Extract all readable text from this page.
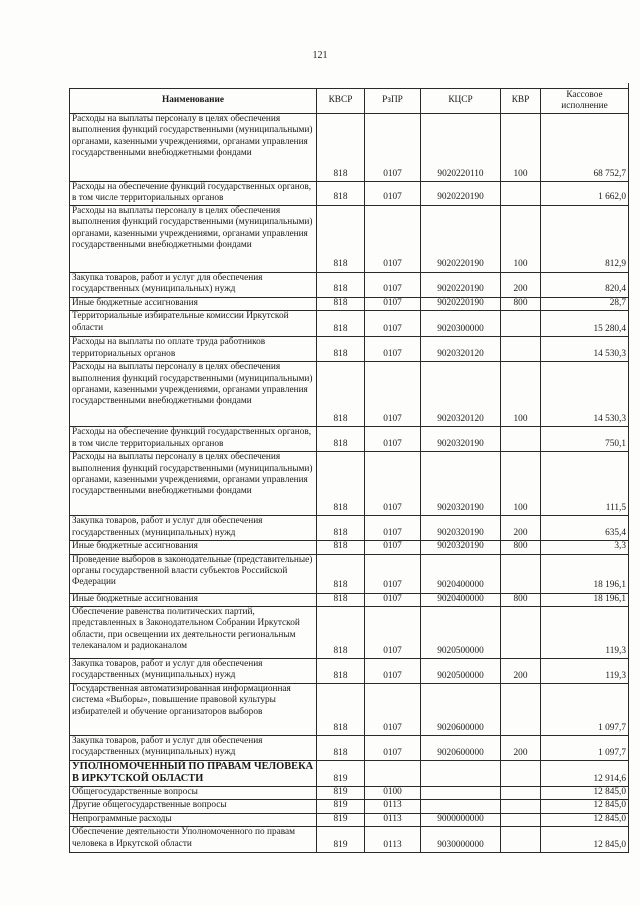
121
Наименование	КВСР	РзПР	КЦСР	КВР	Кассовое исполнение
Расходы на выплаты персоналу в целях обеспечения выполнения функций государственными (муниципальными) органами, казенными учреждениями, органами управления государственными внебюджетными фондами	818	0107	9020220110	100	68 752,7
Расходы на обеспечение функций государственных органов, в том числе территориальных органов	818	0107	9020220190		1 662,0
Расходы на выплаты персоналу в целях обеспечения выполнения функций государственными (муниципальными) органами, казенными учреждениями, органами управления государственными внебюджетными фондами	818	0107	9020220190	100	812,9
Закупка товаров, работ и услуг для обеспечения государственных (муниципальных) нужд	818	0107	9020220190	200	820,4
Иные бюджетные ассигнования	818	0107	9020220190	800	28,7
Территориальные избирательные комиссии Иркутской области	818	0107	9020300000		15 280,4
Расходы на выплаты по оплате труда работников территориальных органов	818	0107	9020320120		14 530,3
Расходы на выплаты персоналу в целях обеспечения выполнения функций государственными (муниципальными) органами, казенными учреждениями, органами управления государственными внебюджетными фондами	818	0107	9020320120	100	14 530,3
Расходы на обеспечение функций государственных органов, в том числе территориальных органов	818	0107	9020320190		750,1
Расходы на выплаты персоналу в целях обеспечения выполнения функций государственными (муниципальными) органами, казенными учреждениями, органами управления государственными внебюджетными фондами	818	0107	9020320190	100	111,5
Закупка товаров, работ и услуг для обеспечения государственных (муниципальных) нужд	818	0107	9020320190	200	635,4
Иные бюджетные ассигнования	818	0107	9020320190	800	3,3
Проведение выборов в законодательные (представительные) органы государственной власти субъектов Российской Федерации	818	0107	9020400000		18 196,1
Иные бюджетные ассигнования	818	0107	9020400000	800	18 196,1
Обеспечение равенства политических партий, представленных в Законодательном Собрании Иркутской области, при освещении их деятельности региональным телеканалом и радиоканалом	818	0107	9020500000		119,3
Закупка товаров, работ и услуг для обеспечения государственных (муниципальных) нужд	818	0107	9020500000	200	119,3
Государственная автоматизированная информационная система «Выборы», повышение правовой культуры избирателей и обучение организаторов выборов	818	0107	9020600000		1 097,7
Закупка товаров, работ и услуг для обеспечения государственных (муниципальных) нужд	818	0107	9020600000	200	1 097,7
УПОЛНОМОЧЕННЫЙ ПО ПРАВАМ ЧЕЛОВЕКА В ИРКУТСКОЙ ОБЛАСТИ	819				12 914,6
Общегосударственные вопросы	819	0100			12 845,0
Другие общегосударственные вопросы	819	0113			12 845,0
Непрограммные расходы	819	0113	9000000000		12 845,0
Обеспечение деятельности Уполномоченного по правам человека в Иркутской области	819	0113	9030000000		12 845,0
